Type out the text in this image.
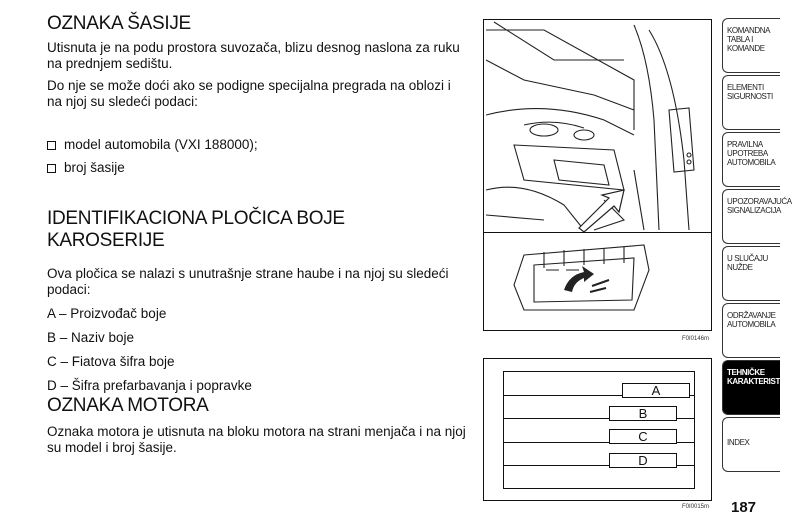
OZNAKA ŠASIJE

Utisnuta je na podu prostora suvozača, blizu desnog naslona za ruku na prednjem sedištu.

Do nje se može doći ako se podigne specijalna pregrada na oblozi i na njoj su sledeći podaci:

model automobila (VXI 188000);
broj šasije
IDENTIFIKACIONA PLOČICA BOJE KAROSERIJE

Ova pločica se nalazi s unutrašnje strane haube i na njoj su sledeći podaci:

A – Proizvođač boje

B – Naziv boje

C – Fiatova šifra boje

D – Šifra prefarbavanja i popravke

OZNAKA MOTORA

Oznaka motora je utisnuta na bloku motora na strani menjača i na njoj su model i broj šasije.

F0I0146m
A
B
C
D
F0I0015m
KOMANDNA TABLA I KOMANDE
ELEMENTI SIGURNOSTI
PRAVILNA UPOTREBA AUTOMOBILA
UPOZORAVAJUĆA SIGNALIZACIJA
U SLUČAJU NUŽDE
ODRŽAVANJE AUTOMOBILA
TEHNIČKE KARAKTERISTIKE
INDEX
187
